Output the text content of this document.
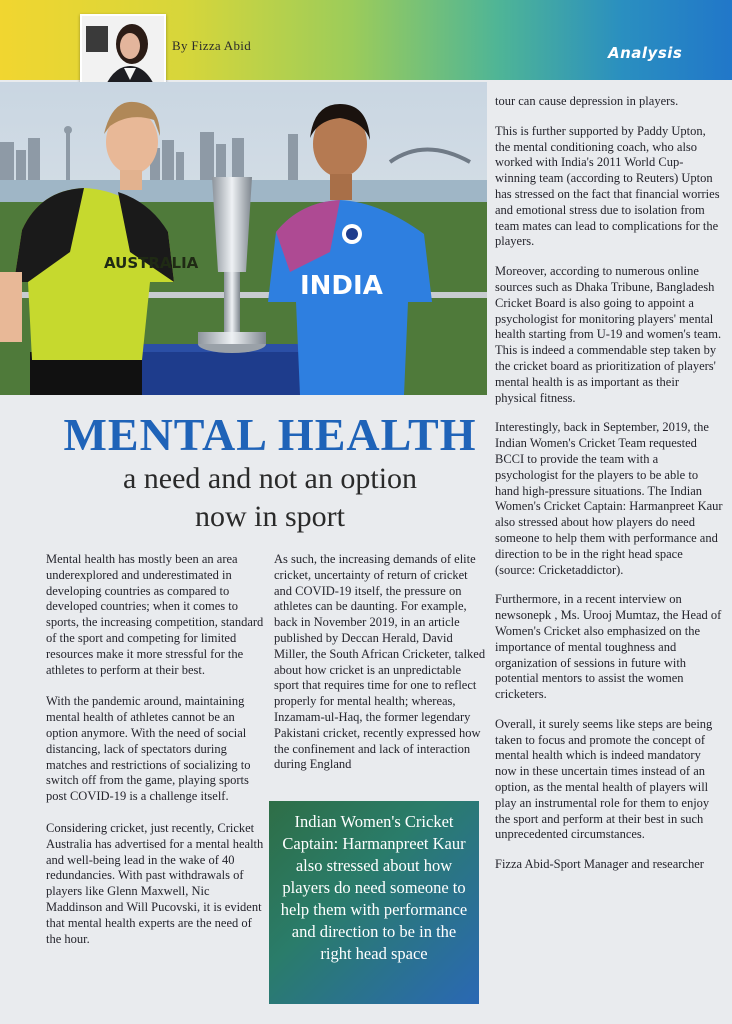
By Fizza Abid	Analysis
AUSTRALIA
INDIA
MENTAL HEALTH
a need and not an option
now in sport

Mental health has mostly been an area underexplored and underestimated in developing countries as compared to developed countries; when it comes to sports, the increasing competition, standard of the sport and competing for limited resources make it more stressful for the athletes to perform at their best.

With the pandemic around, maintaining mental health of athletes cannot be an option anymore. With the need of social distancing, lack of spectators during matches and restrictions of socializing to switch off from the game, playing sports post COVID-19 is a challenge itself.

Considering cricket, just recently, Cricket Australia has advertised for a mental health and well-being lead in the wake of 40 redundancies. With past withdrawals of players like Glenn Maxwell, Nic Maddinson and Will Pucovski, it is evident that mental health experts are the need of the hour.

As such, the increasing demands of elite cricket, uncertainty of return of cricket and COVID-19 itself, the pressure on athletes can be daunting. For example, back in November 2019, in an article published by Deccan Herald, David Miller, the South African Cricketer, talked about how cricket is an unpredictable sport that requires time for one to reflect properly for mental health; whereas, Inzamam-ul-Haq, the former legendary Pakistani cricket, recently expressed how the confinement and lack of interaction during England

Indian Women's Cricket Captain: Harmanpreet Kaur also stressed about how players do need someone to help them with performance and direction to be in the right head space

tour can cause depression in players.

This is further supported by Paddy Upton, the mental conditioning coach, who also worked with India's 2011 World Cup-winning team (according to Reuters) Upton has stressed on the fact that financial worries and emotional stress due to isolation from team mates can lead to complications for the players.

Moreover, according to numerous online sources such as Dhaka Tribune, Bangladesh Cricket Board is also going to appoint a psychologist for monitoring players' mental health starting from U-19 and women's team. This is indeed a commendable step taken by the cricket board as prioritization of players' mental health is as important as their physical fitness.

Interestingly, back in September, 2019, the Indian Women's Cricket Team requested BCCI to provide the team with a psychologist for the players to be able to hand high-pressure situations. The Indian Women's Cricket Captain: Harmanpreet Kaur also stressed about how players do need someone to help them with performance and direction to be in the right head space (source: Cricketaddictor).

Furthermore, in a recent interview on newsonepk , Ms. Urooj Mumtaz, the Head of Women's Cricket also emphasized on the importance of mental toughness and organization of sessions in future with potential mentors to assist the women cricketers.

Overall, it surely seems like steps are being taken to focus and promote the concept of mental health which is indeed mandatory now in these uncertain times instead of an option, as the mental health of players will play an instrumental role for them to enjoy the sport and perform at their best in such unprecedented circumstances.

Fizza Abid-Sport Manager and researcher
